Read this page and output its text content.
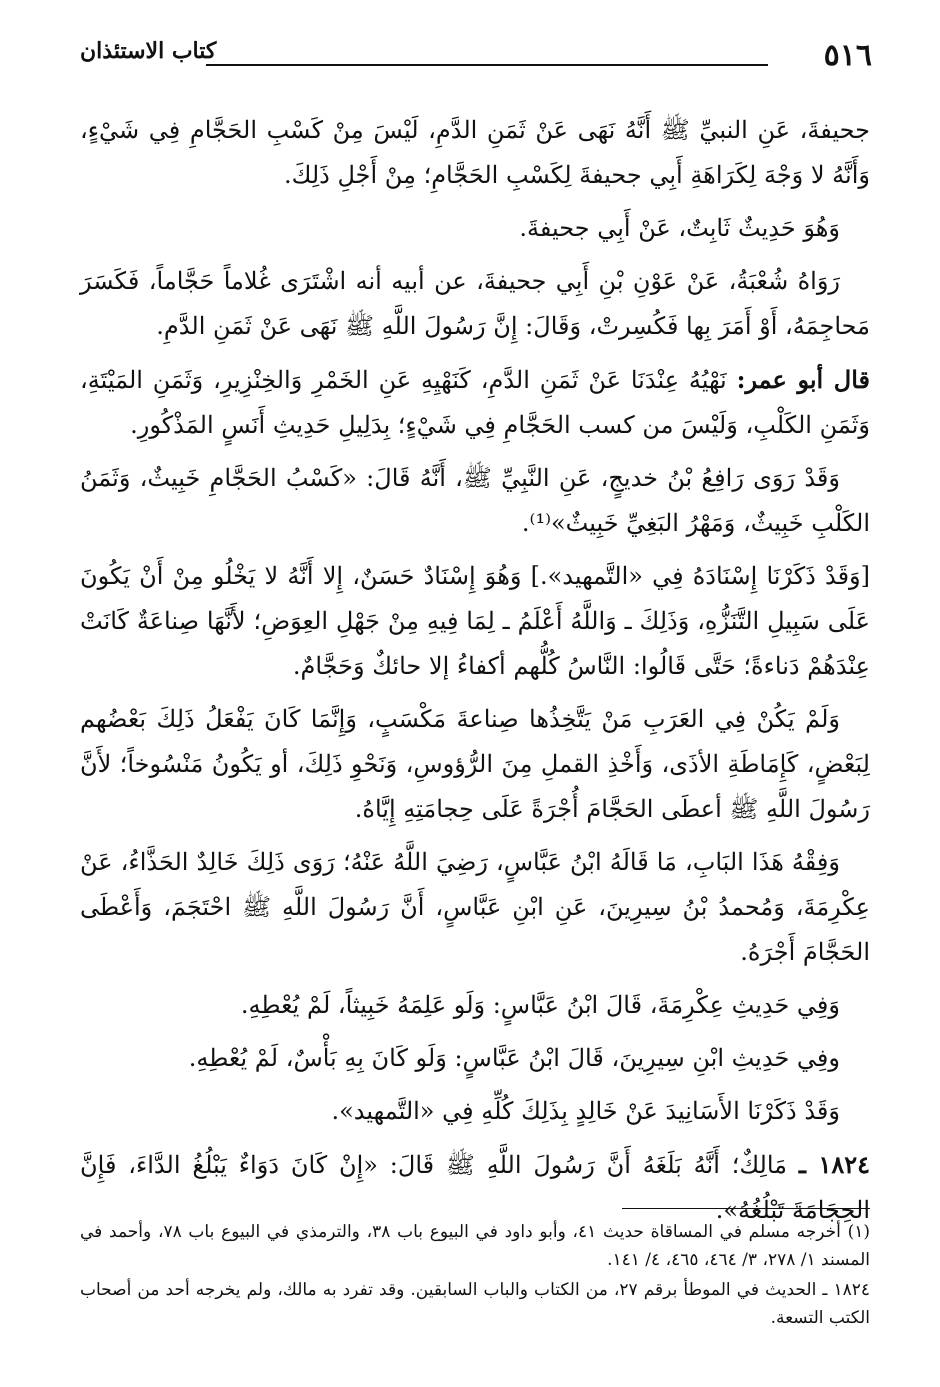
٥١٦
كتاب الاستئذان

جحيفةَ، عَنِ النبيِّ ﷺ أَنَّهُ نَهَى عَنْ ثَمَنِ الدَّمِ، لَيْسَ مِنْ كَسْبِ الحَجَّامِ فِي شَيْءٍ، وَأَنَّهُ لا وَجْهَ لِكَرَاهَةِ أَبِي جحيفةَ لِكَسْبِ الحَجَّامِ؛ مِنْ أَجْلِ ذَلِكَ.

وَهُوَ حَدِيثٌ ثَابِتٌ، عَنْ أَبِي جحيفةَ.

رَوَاهُ شُعْبَةُ، عَنْ عَوْنِ بْنِ أَبِي جحيفةَ، عن أبيه أنه اشْتَرَى غُلاماً حَجَّاماً، فَكَسَرَ مَحاجِمَهُ، أَوْ أَمَرَ بِها فَكُسِرتْ، وَقَالَ: إِنَّ رَسُولَ اللَّهِ ﷺ نَهَى عَنْ ثَمَنِ الدَّمِ.

قال أبو عمر: نَهْيُهُ عِنْدَنَا عَنْ ثَمَنِ الدَّمِ، كَنَهْيِهِ عَنِ الخَمْرِ وَالخِنْزِيرِ، وَثَمَنِ المَيْتَةِ، وَثَمَنِ الكَلْبِ، وَلَيْسَ من كسب الحَجَّامِ فِي شَيْءٍ؛ بِدَلِيلِ حَدِيثِ أَنَسٍ المَذْكُورِ.

وَقَدْ رَوَى رَافِعُ بْنُ خديجٍ، عَنِ النَّبِيِّ ﷺ، أَنَّهُ قَالَ: «كَسْبُ الحَجَّامِ خَبِيثٌ، وَثَمَنُ الكَلْبِ خَبِيثٌ، وَمَهْرُ البَغِيِّ خَبِيثٌ»⁽¹⁾.

[وَقَدْ ذَكَرْنَا إِسْنَادَهُ فِي «التَّمهيد».] وَهُوَ إِسْنَادٌ حَسَنٌ، إِلا أَنَّهُ لا يَخْلُو مِنْ أَنْ يَكُونَ عَلَى سَبِيلِ التَّنَزُّهِ، وَذَلِكَ ـ وَاللَّهُ أَعْلَمُ ـ لِمَا فِيهِ مِنْ جَهْلِ العِوَضِ؛ لأَنَّهَا صِناعَةٌ كَانَتْ عِنْدَهُمْ دَناءةً؛ حَتَّى قَالُوا: النَّاسُ كُلُّهم أكفاءُ إلا حائكٌ وَحَجَّامٌ.

وَلَمْ يَكُنْ فِي العَرَبِ مَنْ يَتَّخِذُها صِناعةَ مَكْسَبٍ، وَإِنَّمَا كَانَ يَفْعَلُ ذَلِكَ بَعْضُهم لِبَعْضٍ، كَإِمَاطَةِ الأذَى، وَأَخْذِ القملِ مِنَ الرُّؤوسِ، وَنَحْوِ ذَلِكَ، أو يَكُونُ مَنْسُوخاً؛ لأَنَّ رَسُولَ اللَّهِ ﷺ أعطَى الحَجَّامَ أُجْرَةً عَلَى حِجامَتِهِ إِيَّاهُ.

وَفِقْهُ هَذَا البَابِ، مَا قَالَهُ ابْنُ عَبَّاسٍ، رَضِيَ اللَّهُ عَنْهُ؛ رَوَى ذَلِكَ خَالِدٌ الحَذَّاءُ، عَنْ عِكْرِمَةَ، وَمُحمدُ بْنُ سِيرِينَ، عَنِ ابْنِ عَبَّاسٍ، أَنَّ رَسُولَ اللَّهِ ﷺ احْتَجَمَ، وَأَعْطَى الحَجَّامَ أَجْرَهُ.

وَفِي حَدِيثِ عِكْرِمَةَ، قَالَ ابْنُ عَبَّاسٍ: وَلَو عَلِمَهُ خَبِيثاً، لَمْ يُعْطِهِ.

وفِي حَدِيثِ ابْنِ سِيرِينَ، قَالَ ابْنُ عَبَّاسٍ: وَلَو كَانَ بِهِ بَأْسٌ، لَمْ يُعْطِهِ.

وَقَدْ ذَكَرْنَا الأَسَانِيدَ عَنْ خَالِدٍ بِذَلِكَ كُلِّهِ فِي «التَّمهيد».

١٨٢٤ ـ مَالِكٌ؛ أَنَّهُ بَلَغَهُ أَنَّ رَسُولَ اللَّهِ ﷺ قَالَ: «إِنْ كَانَ دَوَاءٌ يَبْلُغُ الدَّاءَ، فَإِنَّ الحِجَامَةَ تَبْلُغُهُ».

(١) أخرجه مسلم في المساقاة حديث ٤١، وأبو داود في البيوع باب ٣٨، والترمذي في البيوع باب ٧٨، وأحمد في المسند ١/ ٢٧٨، ٣/ ٤٦٤، ٤٦٥، ٤/ ١٤١.

١٨٢٤ ـ الحديث في الموطأ برقم ٢٧، من الكتاب والباب السابقين. وقد تفرد به مالك، ولم يخرجه أحد من أصحاب الكتب التسعة.
